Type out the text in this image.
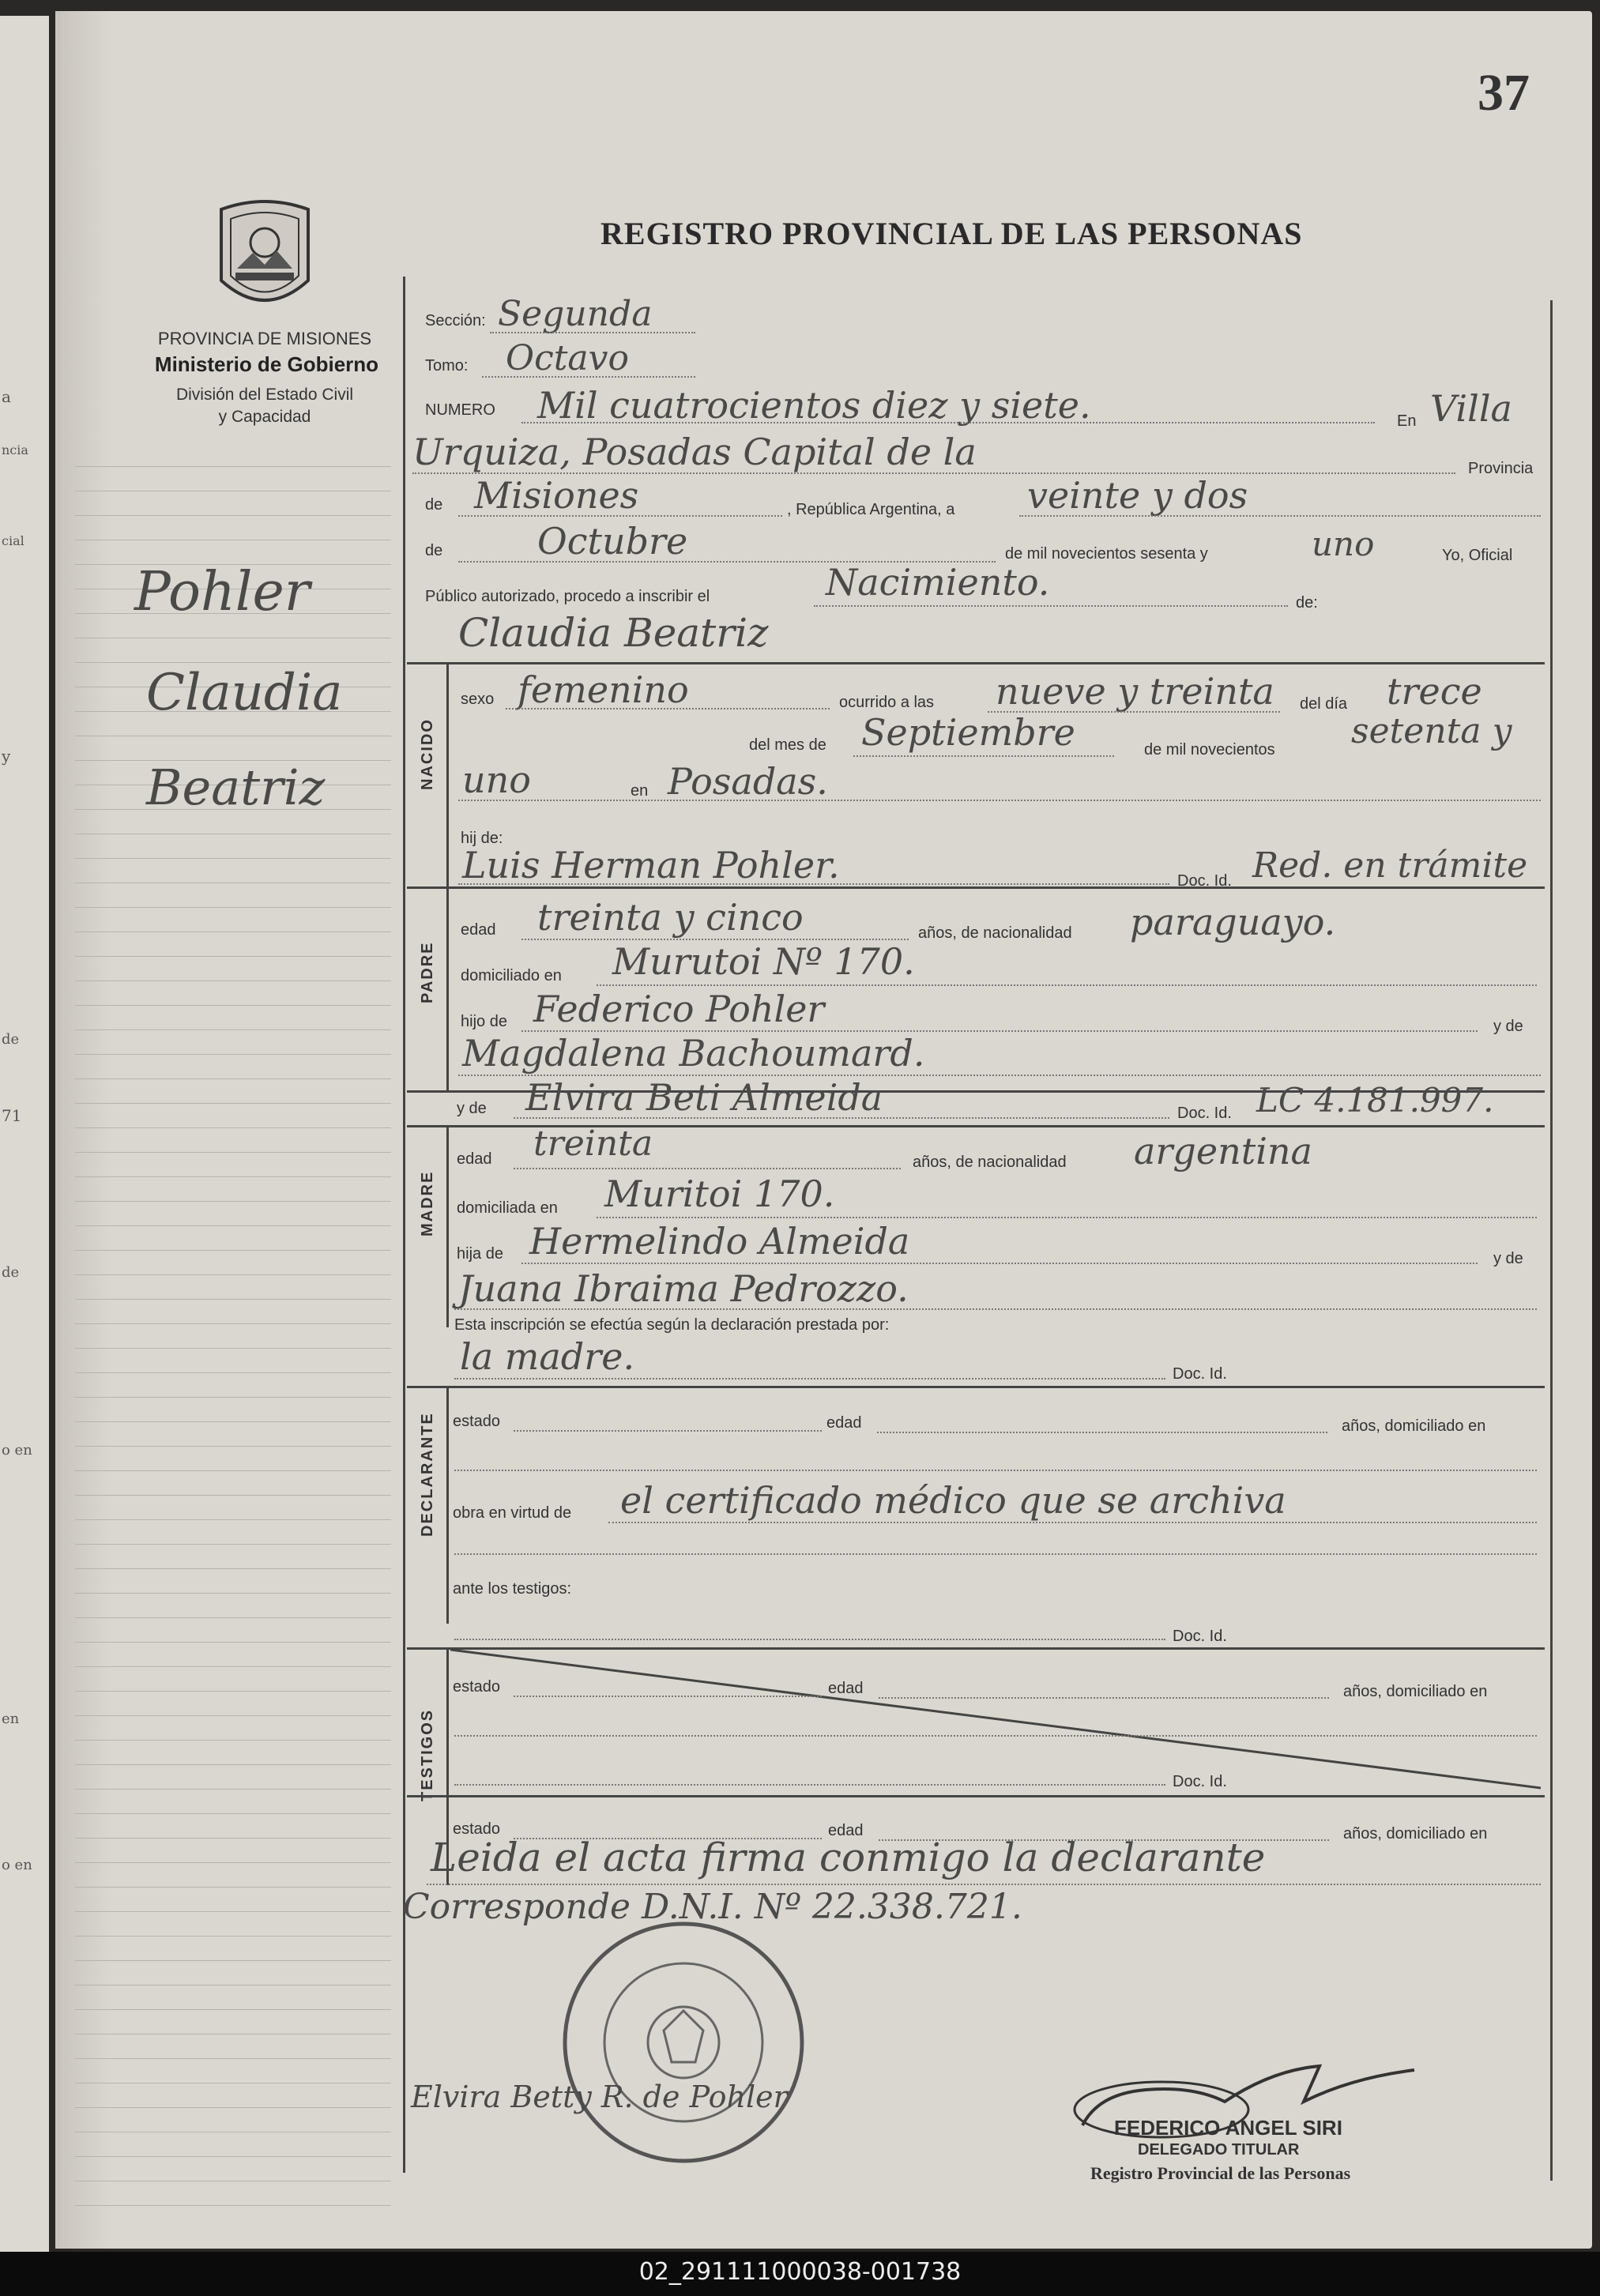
a
ncia
cial
y
de
71
de
o en
en
o en
37
PROVINCIA DE MISIONES
Ministerio de Gobierno
División del Estado Civil
y Capacidad
Pohler
Claudia
Beatriz
REGISTRO PROVINCIAL DE LAS PERSONAS
Sección: Segunda
Tomo: Octavo
NUMERO Mil cuatrocientos diez y siete.	En Villa
Urquiza, Posadas Capital de la	Provincia
de Misiones	, República Argentina, a veinte y dos
de	Octubre	de mil novecientos sesenta y	uno	Yo, Oficial
Público autorizado, procedo a inscribir el	Nacimiento.	de:
Claudia Beatriz
NACIDO
sexo femenino	ocurrido a las nueve y treinta del día trece
del mes de Septiembre	de mil novecientos setenta y
uno	en Posadas.
hij de:
Luis Herman Pohler.	Doc. Id. Red. en trámite
PADRE
edad treinta y cinco	años, de nacionalidad paraguayo.
domiciliado en Murutoi Nº 170.
hijo de Federico Pohler	y de
Magdalena Bachoumard.
y de Elvira Beti Almeida	Doc. Id. LC 4.181.997.
MADRE
edad treinta	años, de nacionalidad argentina
domiciliada en Muritoi 170.
hija de Hermelindo Almeida	y de
Juana Ibraima Pedrozzo.
Esta inscripción se efectúa según la declaración prestada por:
la madre.	Doc. Id.
DECLARANTE estado	edad	años, domiciliado en
obra en virtud de el certificado médico que se archiva
ante los testigos:
Doc. Id.
TESTIGOS
estado	edad	años, domiciliado en
Doc. Id.
estado	edad	años, domiciliado en
Leida el acta firma conmigo la declarante
Corresponde D.N.I. Nº 22.338.721.
Elvira Betty R. de Pohler
FEDERICO ANGEL SIRI
DELEGADO TITULAR
Registro Provincial de las Personas
02_291111000038-001738
